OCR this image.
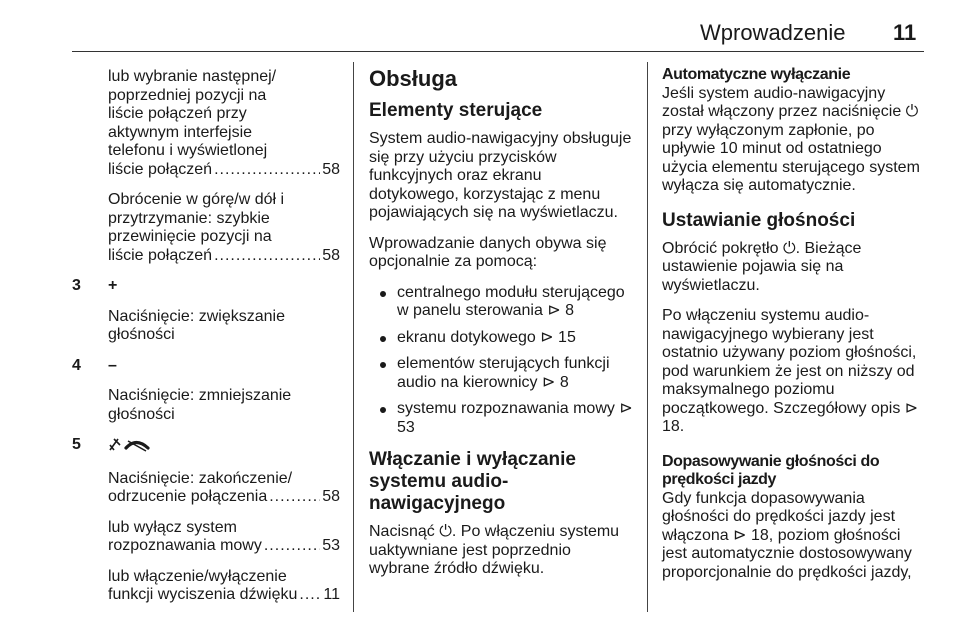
Wprowadzenie 11
lub wybranie następnej/
poprzedniej pozycji na
liście połączeń przy
aktywnym interfejsie
telefonu i wyświetlonej
liście połączeń .....	58
Obrócenie w górę/w dół i
przytrzymanie: szybkie
przewinięcie pozycji na
liście połączeń .....	58
3 +

Naciśnięcie: zwiększanie głośności

4 –

Naciśnięcie: zmniejszanie głośności

5
Naciśnięcie: zakończenie/
odrzucenie połączenia .....	58
lub wyłącz system
rozpoznawania mowy .....	53
lub włączenie/wyłączenie
funkcji wyciszenia dźwięku ..... 11
Obsługa
Elementy sterujące

System audio-nawigacyjny obsługuje się przy użyciu przycisków funkcyjnych oraz ekranu dotykowego, korzystając z menu pojawiających się na wyświetlaczu.

Wprowadzanie danych obywa się opcjonalnie za pomocą:

centralnego modułu sterującego w panelu sterowania ⊳ 8
ekranu dotykowego ⊳ 15
elementów sterujących funkcji audio na kierownicy ⊳ 8
systemu rozpoznawania mowy ⊳ 53
Włączanie i wyłączanie systemu audio-nawigacyjnego

Nacisnąć ⏻. Po włączeniu systemu uaktywniane jest poprzednio wybrane źródło dźwięku.

Automatyczne wyłączanie

Jeśli system audio-nawigacyjny został włączony przez naciśnięcie ⏻ przy wyłączonym zapłonie, po upływie 10 minut od ostatniego użycia elementu sterującego system wyłącza się automatycznie.

Ustawianie głośności

Obrócić pokrętło ⏻. Bieżące ustawienie pojawia się na wyświetlaczu.

Po włączeniu systemu audio-nawigacyjnego wybierany jest ostatnio używany poziom głośności, pod warunkiem że jest on niższy od maksymalnego poziomu początkowego. Szczegółowy opis ⊳ 18.

Dopasowywanie głośności do prędkości jazdy

Gdy funkcja dopasowywania głośności do prędkości jazdy jest włączona ⊳ 18, poziom głośności jest automatycznie dostosowywany proporcjonalnie do prędkości jazdy,
